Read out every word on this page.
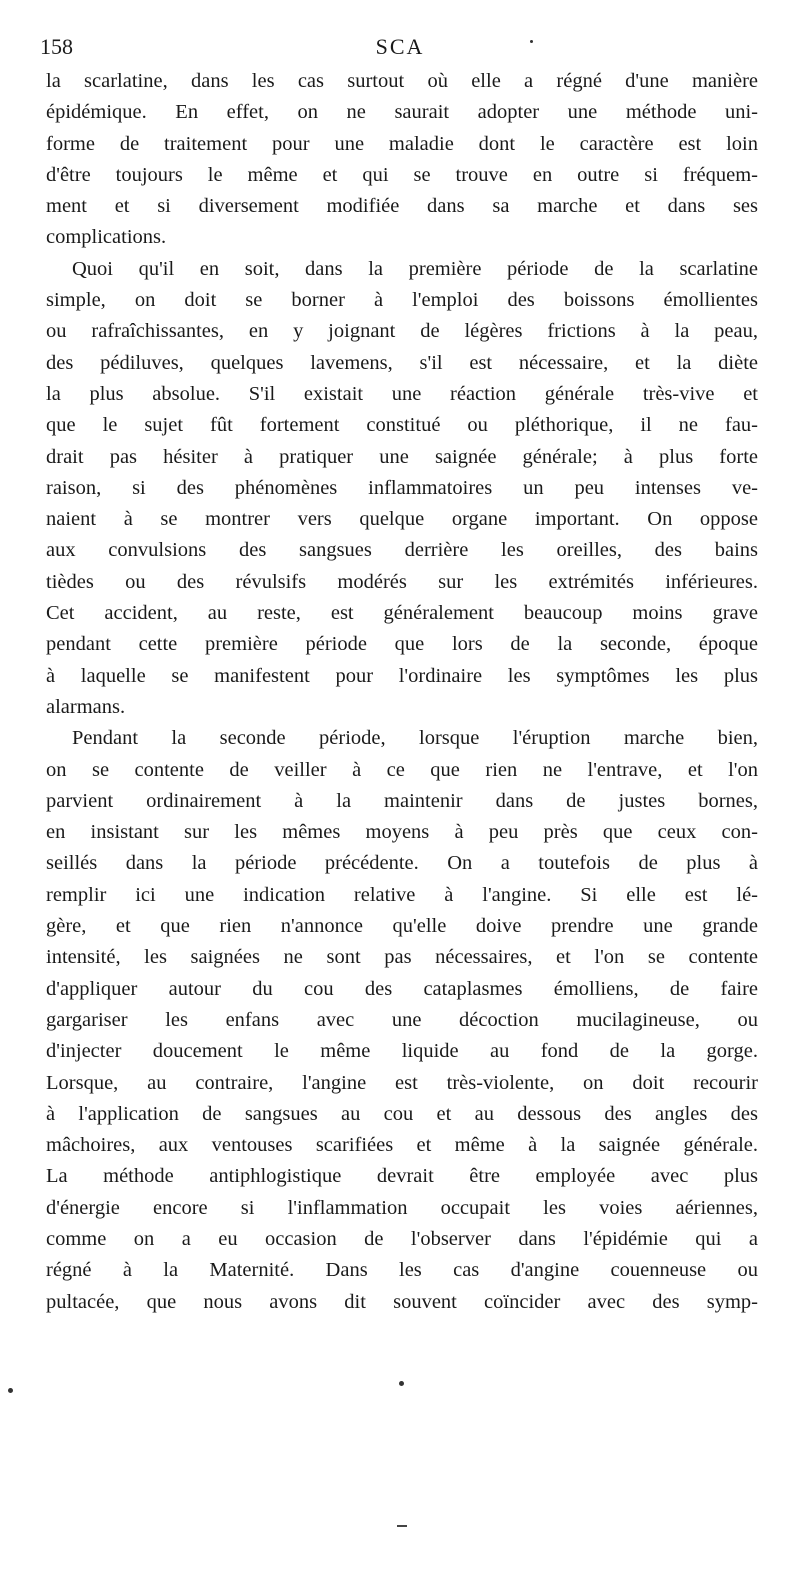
158	SCA

la scarlatine, dans les cas surtout où elle a régné d'une manière
épidémique. En effet, on ne saurait adopter une méthode uni-
forme de traitement pour une maladie dont le caractère est loin
d'être toujours le même et qui se trouve en outre si fréquem-
ment et si diversement modifiée dans sa marche et dans ses
complications.

Quoi qu'il en soit, dans la première période de la scarlatine
simple, on doit se borner à l'emploi des boissons émollientes
ou rafraîchissantes, en y joignant de légères frictions à la peau,
des pédiluves, quelques lavemens, s'il est nécessaire, et la diète
la plus absolue. S'il existait une réaction générale très-vive et
que le sujet fût fortement constitué ou pléthorique, il ne fau-
drait pas hésiter à pratiquer une saignée générale; à plus forte
raison, si des phénomènes inflammatoires un peu intenses ve-
naient à se montrer vers quelque organe important. On oppose
aux convulsions des sangsues derrière les oreilles, des bains
tièdes ou des révulsifs modérés sur les extrémités inférieures.
Cet accident, au reste, est généralement beaucoup moins grave
pendant cette première période que lors de la seconde, époque
à laquelle se manifestent pour l'ordinaire les symptômes les plus
alarmans.

Pendant la seconde période, lorsque l'éruption marche bien,
on se contente de veiller à ce que rien ne l'entrave, et l'on
parvient ordinairement à la maintenir dans de justes bornes,
en insistant sur les mêmes moyens à peu près que ceux con-
seillés dans la période précédente. On a toutefois de plus à
remplir ici une indication relative à l'angine. Si elle est lé-
gère, et que rien n'annonce qu'elle doive prendre une grande
intensité, les saignées ne sont pas nécessaires, et l'on se contente
d'appliquer autour du cou des cataplasmes émolliens, de faire
gargariser les enfans avec une décoction mucilagineuse, ou
d'injecter doucement le même liquide au fond de la gorge.
Lorsque, au contraire, l'angine est très-violente, on doit recourir
à l'application de sangsues au cou et au dessous des angles des
mâchoires, aux ventouses scarifiées et même à la saignée générale.
La méthode antiphlogistique devrait être employée avec plus
d'énergie encore si l'inflammation occupait les voies aériennes,
comme on a eu occasion de l'observer dans l'épidémie qui a
régné à la Maternité. Dans les cas d'angine couenneuse ou
pultacée, que nous avons dit souvent coïncider avec des symp-
